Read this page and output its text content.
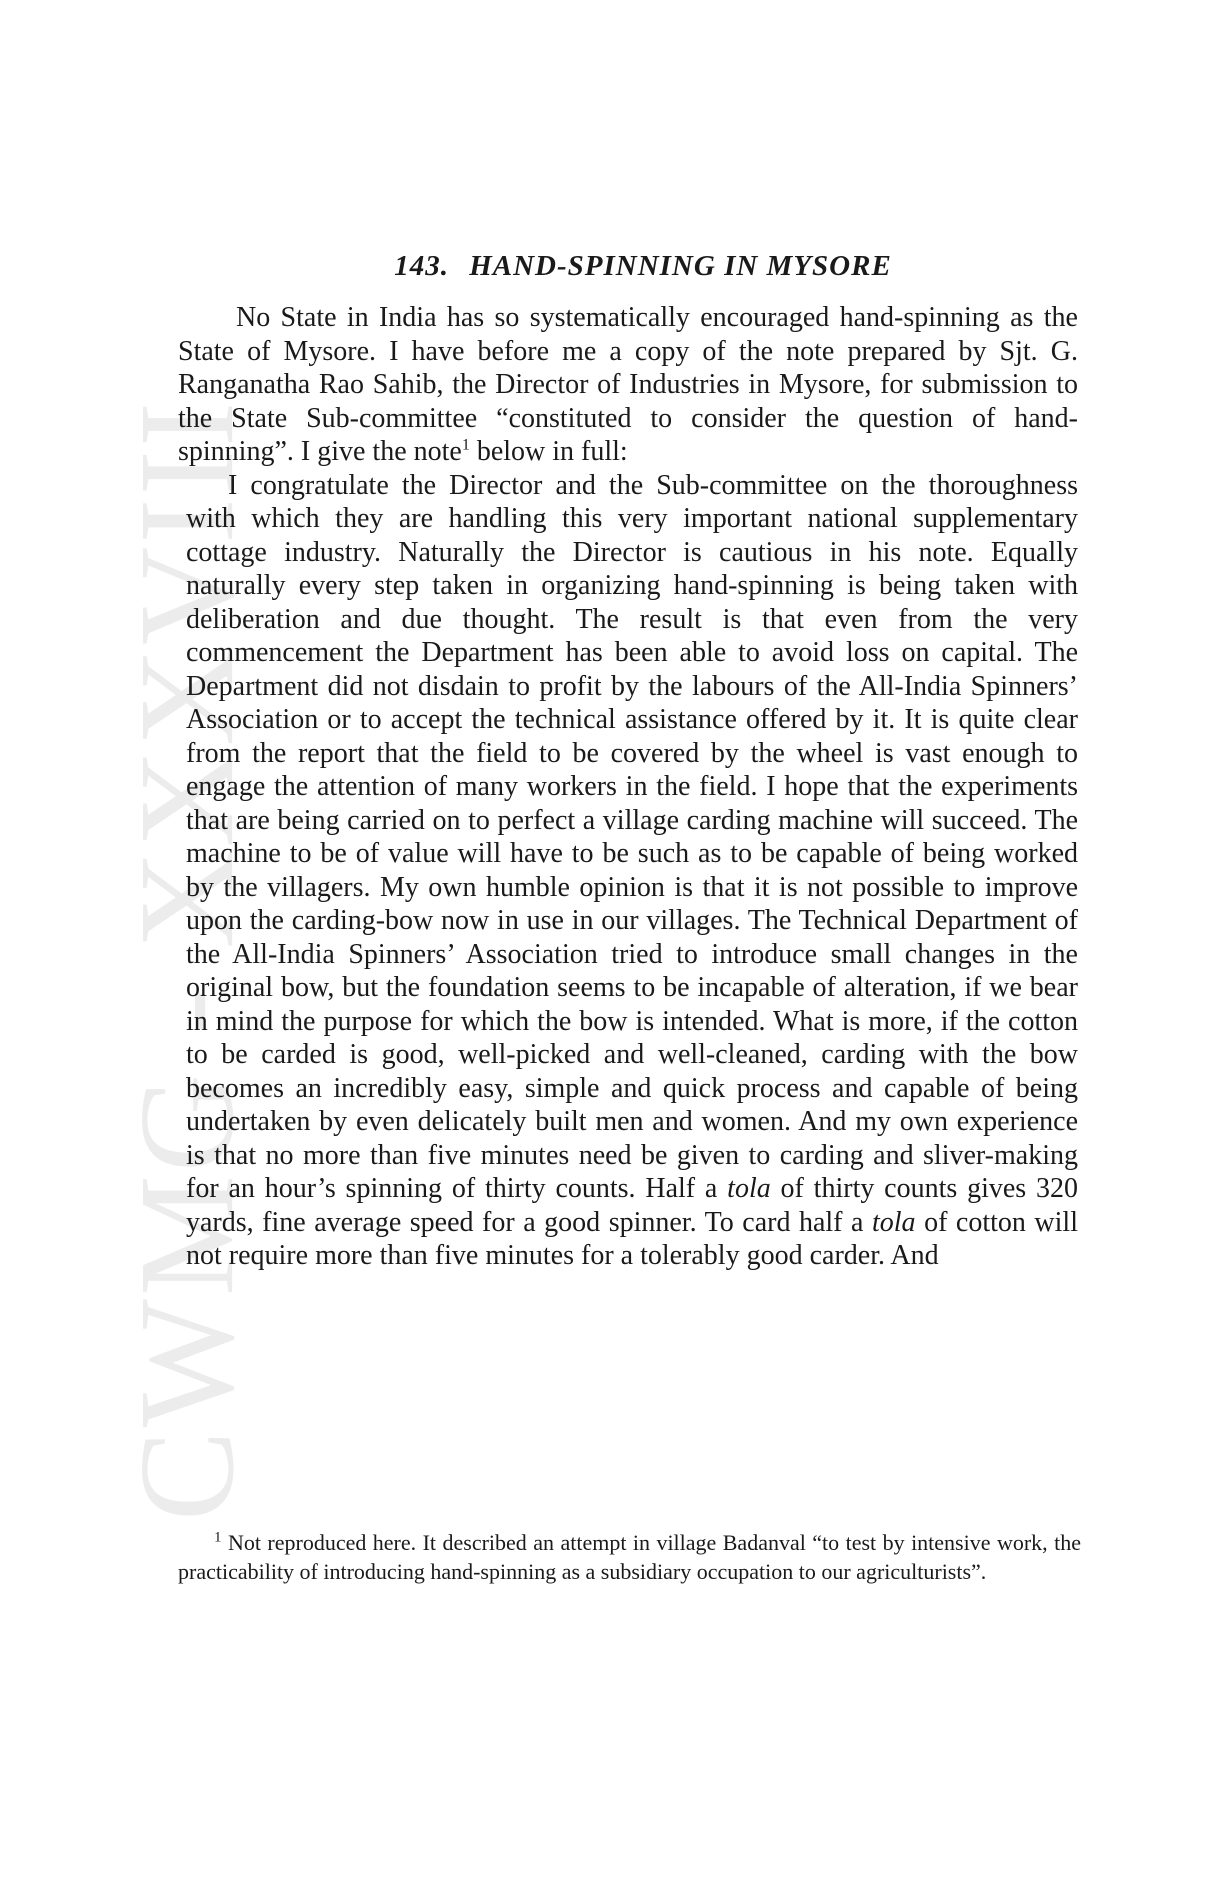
CWMG - XXXVIII
143. HAND-SPINNING IN MYSORE

No State in India has so systematically encouraged hand-spinning as the State of Mysore. I have before me a copy of the note prepared by Sjt. G. Ranganatha Rao Sahib, the Director of Industries in Mysore, for submission to the State Sub-committee “constituted to consider the question of hand-spinning”. I give the note$^1$ below in full:

I congratulate the Director and the Sub-committee on the thoroughness with which they are handling this very important national supplementary cottage industry. Naturally the Director is cautious in his note. Equally naturally every step taken in organizing hand-spinning is being taken with deliberation and due thought. The result is that even from the very commencement the Department has been able to avoid loss on capital. The Department did not disdain to profit by the labours of the All-India Spinners’ Association or to accept the technical assistance offered by it. It is quite clear from the report that the field to be covered by the wheel is vast enough to engage the attention of many workers in the field. I hope that the experiments that are being carried on to perfect a village carding machine will succeed. The machine to be of value will have to be such as to be capable of being worked by the villagers. My own humble opinion is that it is not possible to improve upon the carding-bow now in use in our villages. The Technical Department of the All-India Spinners’ Association tried to introduce small changes in the original bow, but the foundation seems to be incapable of alteration, if we bear in mind the purpose for which the bow is intended. What is more, if the cotton to be carded is good, well-picked and well-cleaned, carding with the bow becomes an incredibly easy, simple and quick process and capable of being undertaken by even delicately built men and women. And my own experience is that no more than five minutes need be given to carding and sliver-making for an hour’s spinning of thirty counts. Half a tola of thirty counts gives 320 yards, fine average speed for a good spinner. To card half a tola of cotton will not require more than five minutes for a tolerably good carder. And

$^1$ Not reproduced here. It described an attempt in village Badanval “to test by intensive work, the practicability of introducing hand-spinning as a subsidiary occupation to our agriculturists”.
